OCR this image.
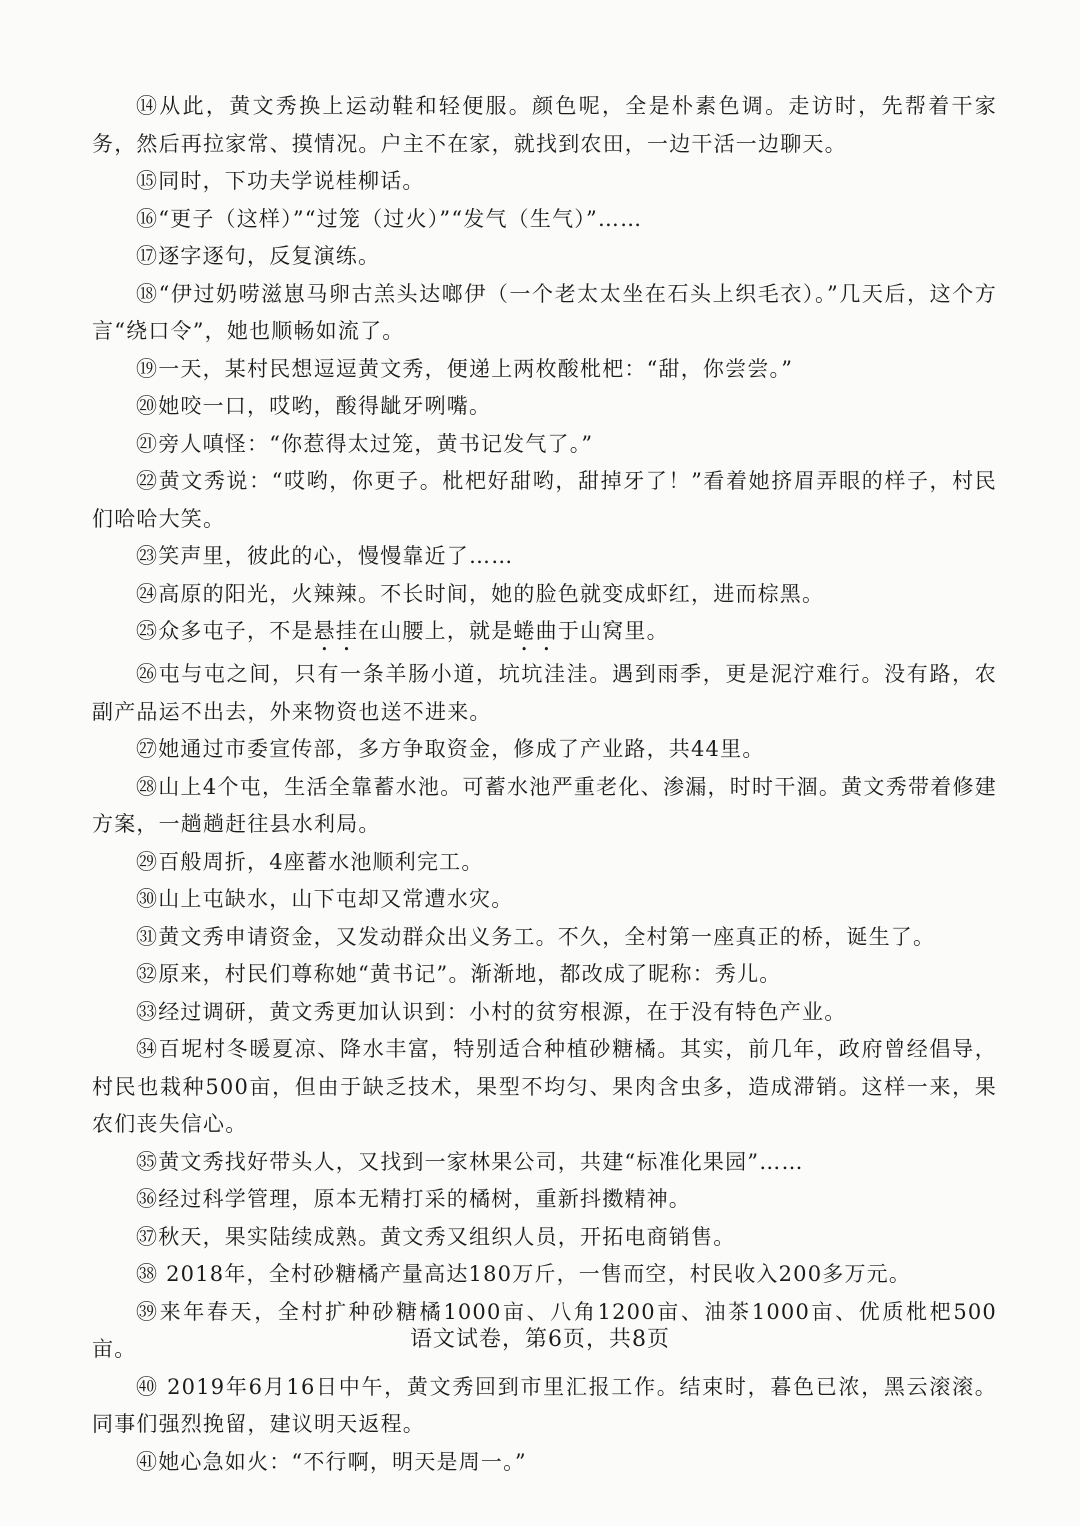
⑭从此，黄文秀换上运动鞋和轻便服。颜色呢，全是朴素色调。走访时，先帮着干家务，然后再拉家常、摸情况。户主不在家，就找到农田，一边干活一边聊天。

⑮同时，下功夫学说桂柳话。

⑯“更子（这样）”“过笼（过火）”“发气（生气）”……

⑰逐字逐句，反复演练。

⑱“伊过奶唠滋崽马卵古羔头达啷伊（一个老太太坐在石头上织毛衣）。”几天后，这个方言“绕口令”，她也顺畅如流了。

⑲一天，某村民想逗逗黄文秀，便递上两枚酸枇杷：“甜，你尝尝。”

⑳她咬一口，哎哟，酸得龇牙咧嘴。

㉑旁人嗔怪：“你惹得太过笼，黄书记发气了。”

㉒黄文秀说：“哎哟，你更子。枇杷好甜哟，甜掉牙了！”看着她挤眉弄眼的样子，村民们哈哈大笑。

㉓笑声里，彼此的心，慢慢靠近了……

㉔高原的阳光，火辣辣。不长时间，她的脸色就变成虾红，进而棕黑。

㉕众多屯子，不是悬挂在山腰上，就是蜷曲于山窝里。

㉖屯与屯之间，只有一条羊肠小道，坑坑洼洼。遇到雨季，更是泥泞难行。没有路，农副产品运不出去，外来物资也送不进来。

㉗她通过市委宣传部，多方争取资金，修成了产业路，共44里。

㉘山上4个屯，生活全靠蓄水池。可蓄水池严重老化、渗漏，时时干涸。黄文秀带着修建方案，一趟趟赶往县水利局。

㉙百般周折，4座蓄水池顺利完工。

㉚山上屯缺水，山下屯却又常遭水灾。

㉛黄文秀申请资金，又发动群众出义务工。不久，全村第一座真正的桥，诞生了。

㉜原来，村民们尊称她“黄书记”。渐渐地，都改成了昵称：秀儿。

㉝经过调研，黄文秀更加认识到：小村的贫穷根源，在于没有特色产业。

㉞百坭村冬暖夏凉、降水丰富，特别适合种植砂糖橘。其实，前几年，政府曾经倡导，村民也栽种500亩，但由于缺乏技术，果型不均匀、果肉含虫多，造成滞销。这样一来，果农们丧失信心。

㉟黄文秀找好带头人，又找到一家林果公司，共建“标准化果园”……

㊱经过科学管理，原本无精打采的橘树，重新抖擞精神。

㊲秋天，果实陆续成熟。黄文秀又组织人员，开拓电商销售。

㊳ 2018年，全村砂糖橘产量高达180万斤，一售而空，村民收入200多万元。

㊴来年春天，全村扩种砂糖橘1000亩、八角1200亩、油茶1000亩、优质枇杷500亩。

㊵ 2019年6月16日中午，黄文秀回到市里汇报工作。结束时，暮色已浓，黑云滚滚。同事们强烈挽留，建议明天返程。

㊶她心急如火：“不行啊，明天是周一。”

语文试卷，第6页，共8页
